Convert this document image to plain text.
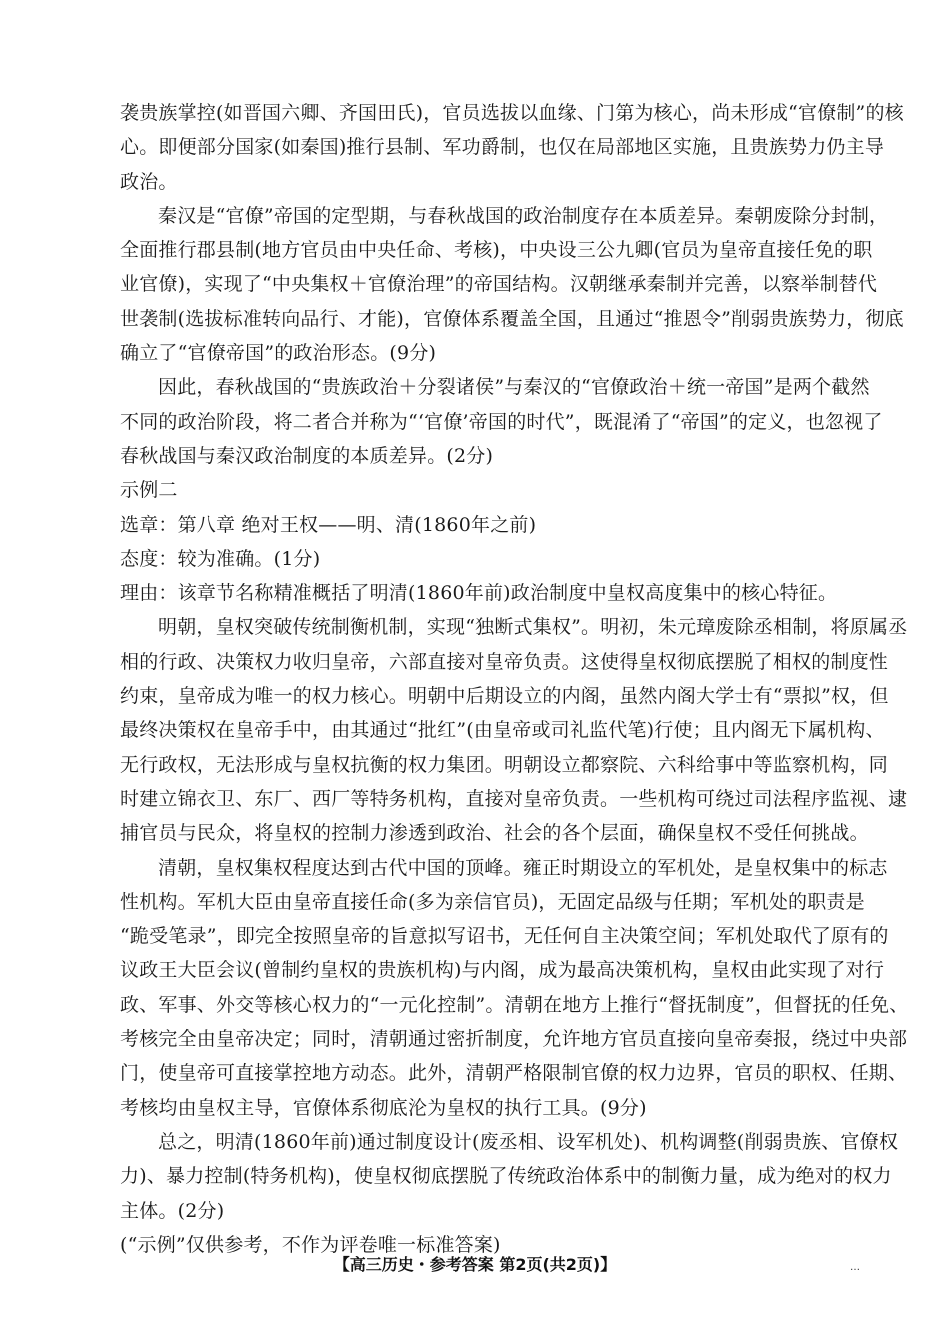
袭贵族掌控(如晋国六卿、齐国田氏)，官员选拔以血缘、门第为核心，尚未形成“官僚制”的核
心。即便部分国家(如秦国)推行县制、军功爵制，也仅在局部地区实施，且贵族势力仍主导
政治。
秦汉是“官僚”帝国的定型期，与春秋战国的政治制度存在本质差异。秦朝废除分封制，
全面推行郡县制(地方官员由中央任命、考核)，中央设三公九卿(官员为皇帝直接任免的职
业官僚)，实现了“中央集权＋官僚治理”的帝国结构。汉朝继承秦制并完善，以察举制替代
世袭制(选拔标准转向品行、才能)，官僚体系覆盖全国，且通过“推恩令”削弱贵族势力，彻底
确立了“官僚帝国”的政治形态。(9分)
因此，春秋战国的“贵族政治＋分裂诸侯”与秦汉的“官僚政治＋统一帝国”是两个截然
不同的政治阶段，将二者合并称为“‘官僚’帝国的时代”，既混淆了“帝国”的定义，也忽视了
春秋战国与秦汉政治制度的本质差异。(2分)
示例二
选章：第八章 绝对王权——明、清(1860年之前)
态度：较为准确。(1分)
理由：该章节名称精准概括了明清(1860年前)政治制度中皇权高度集中的核心特征。
明朝，皇权突破传统制衡机制，实现“独断式集权”。明初，朱元璋废除丞相制，将原属丞
相的行政、决策权力收归皇帝，六部直接对皇帝负责。这使得皇权彻底摆脱了相权的制度性
约束，皇帝成为唯一的权力核心。明朝中后期设立的内阁，虽然内阁大学士有“票拟”权，但
最终决策权在皇帝手中，由其通过“批红”(由皇帝或司礼监代笔)行使；且内阁无下属机构、
无行政权，无法形成与皇权抗衡的权力集团。明朝设立都察院、六科给事中等监察机构，同
时建立锦衣卫、东厂、西厂等特务机构，直接对皇帝负责。一些机构可绕过司法程序监视、逮
捕官员与民众，将皇权的控制力渗透到政治、社会的各个层面，确保皇权不受任何挑战。
清朝，皇权集权程度达到古代中国的顶峰。雍正时期设立的军机处，是皇权集中的标志
性机构。军机大臣由皇帝直接任命(多为亲信官员)，无固定品级与任期；军机处的职责是
“跪受笔录”，即完全按照皇帝的旨意拟写诏书，无任何自主决策空间；军机处取代了原有的
议政王大臣会议(曾制约皇权的贵族机构)与内阁，成为最高决策机构，皇权由此实现了对行
政、军事、外交等核心权力的“一元化控制”。清朝在地方上推行“督抚制度”，但督抚的任免、
考核完全由皇帝决定；同时，清朝通过密折制度，允许地方官员直接向皇帝奏报，绕过中央部
门，使皇帝可直接掌控地方动态。此外，清朝严格限制官僚的权力边界，官员的职权、任期、
考核均由皇权主导，官僚体系彻底沦为皇权的执行工具。(9分)
总之，明清(1860年前)通过制度设计(废丞相、设军机处)、机构调整(削弱贵族、官僚权
力)、暴力控制(特务机构)，使皇权彻底摆脱了传统政治体系中的制衡力量，成为绝对的权力
主体。(2分)
(“示例”仅供参考，不作为评卷唯一标准答案)
【高三历史・参考答案 第2页(共2页)】	…
